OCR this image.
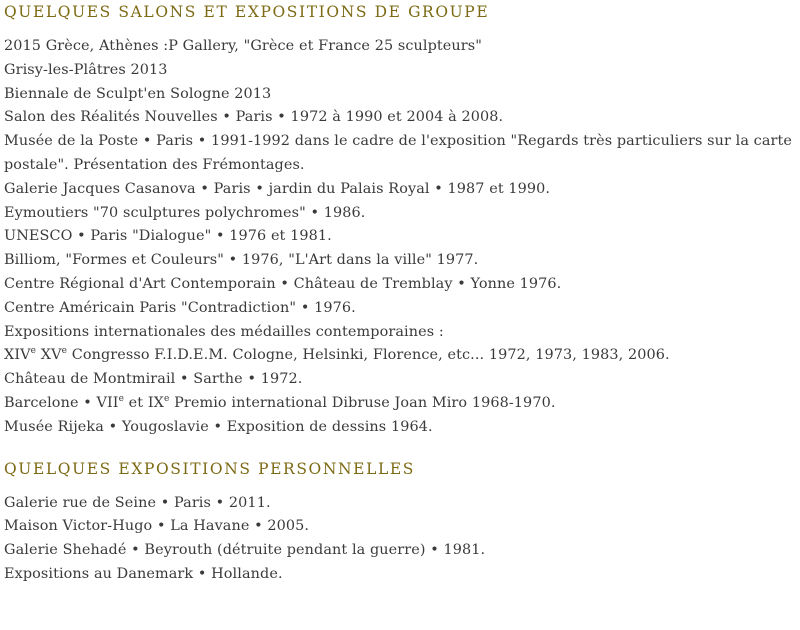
QUELQUES SALONS ET EXPOSITIONS DE GROUPE
2015 Grèce, Athènes :P Gallery, "Grèce et France 25 sculpteurs"
Grisy-les-Plâtres 2013
Biennale de Sculpt'en Sologne 2013
Salon des Réalités Nouvelles • Paris • 1972 à 1990 et 2004 à 2008.
Musée de la Poste • Paris • 1991-1992 dans le cadre de l'exposition "Regards très particuliers sur la carte postale". Présentation des Frémontages.
Galerie Jacques Casanova • Paris • jardin du Palais Royal • 1987 et 1990.
Eymoutiers "70 sculptures polychromes" • 1986.
UNESCO • Paris "Dialogue" • 1976 et 1981.
Billiom, "Formes et Couleurs" • 1976, "L'Art dans la ville" 1977.
Centre Régional d'Art Contemporain • Château de Tremblay • Yonne 1976.
Centre Américain Paris "Contradiction" • 1976.
Expositions internationales des médailles contemporaines :
XIVe XVe Congresso F.I.D.E.M. Cologne, Helsinki, Florence, etc... 1972, 1973, 1983, 2006.
Château de Montmirail • Sarthe • 1972.
Barcelone • VIIe et IXe Premio international Dibruse Joan Miro 1968-1970.
Musée Rijeka • Yougoslavie • Exposition de dessins 1964.
QUELQUES EXPOSITIONS PERSONNELLES
Galerie rue de Seine • Paris • 2011.
Maison Victor-Hugo • La Havane • 2005.
Galerie Shehadé • Beyrouth (détruite pendant la guerre) • 1981.
Expositions au Danemark • Hollande.
